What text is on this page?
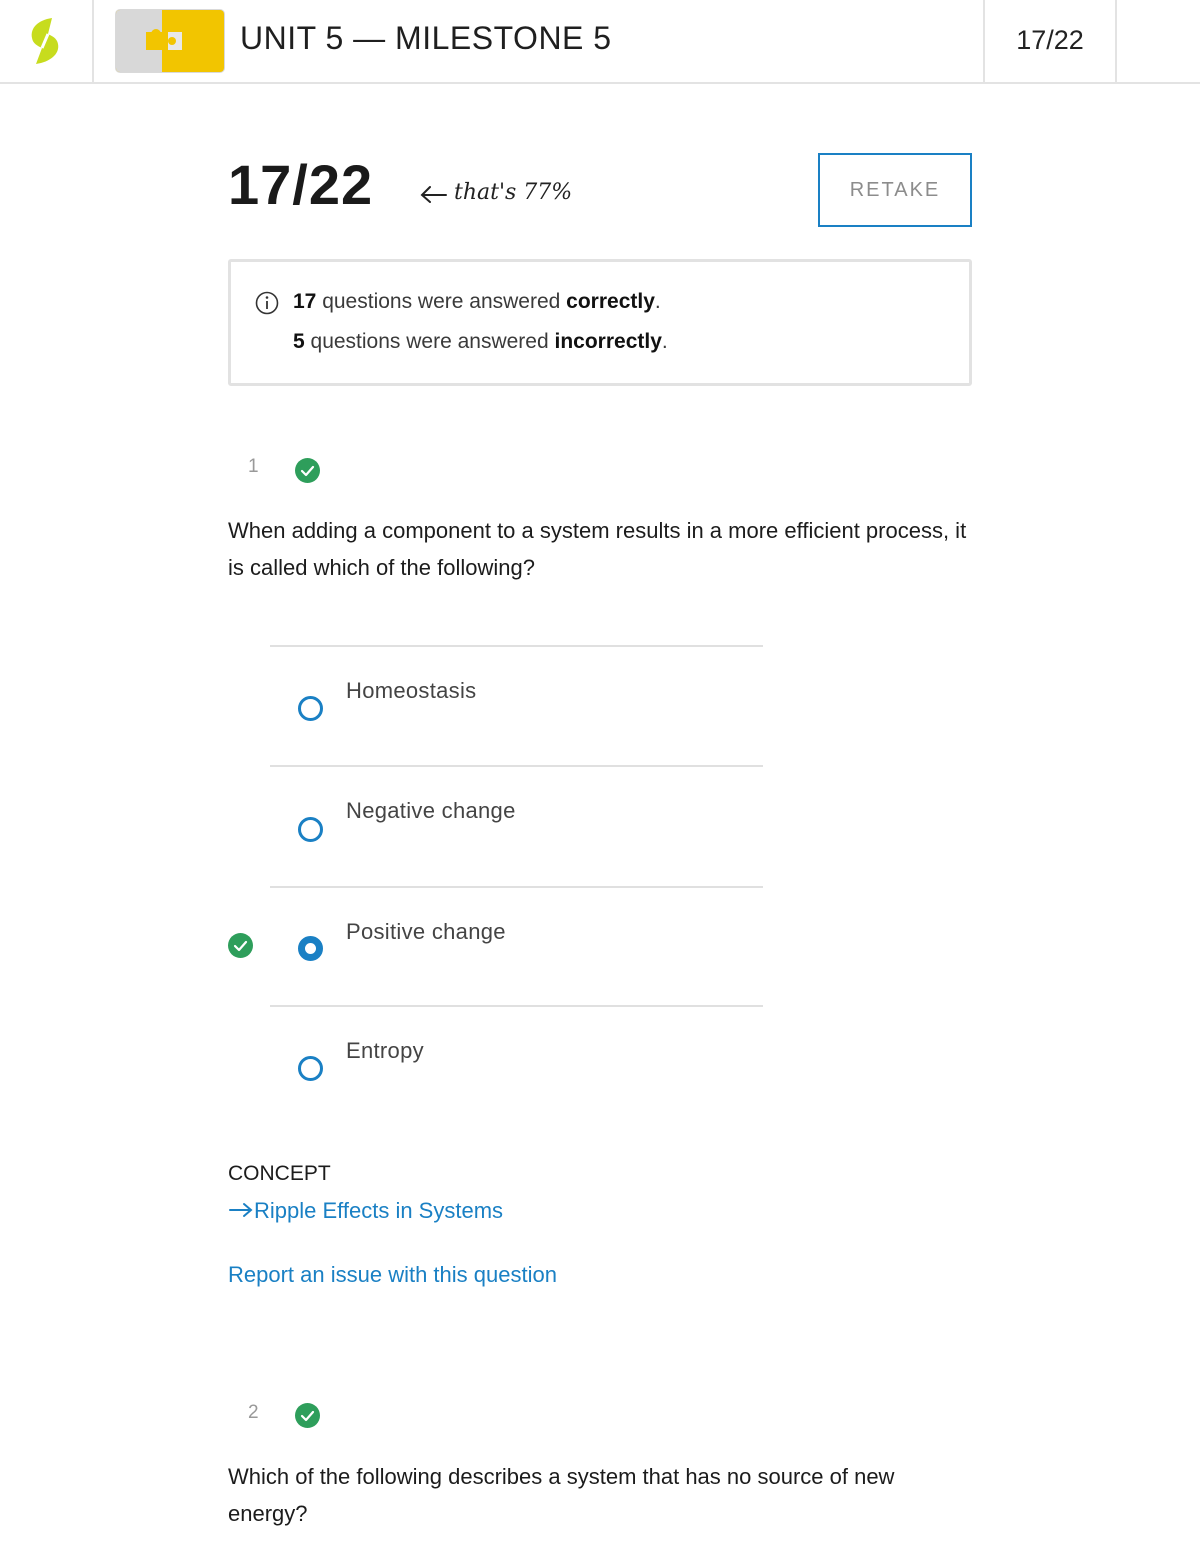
UNIT 5 — MILESTONE 5	17/22
17/22	that's 77%	RETAKE
17 questions were answered correctly.
5 questions were answered incorrectly.
1
When adding a component to a system results in a more efficient process, it is called which of the following?
Homeostasis
Negative change
Positive change
Entropy
CONCEPT
Ripple Effects in Systems
Report an issue with this question
2
Which of the following describes a system that has no source of new energy?
